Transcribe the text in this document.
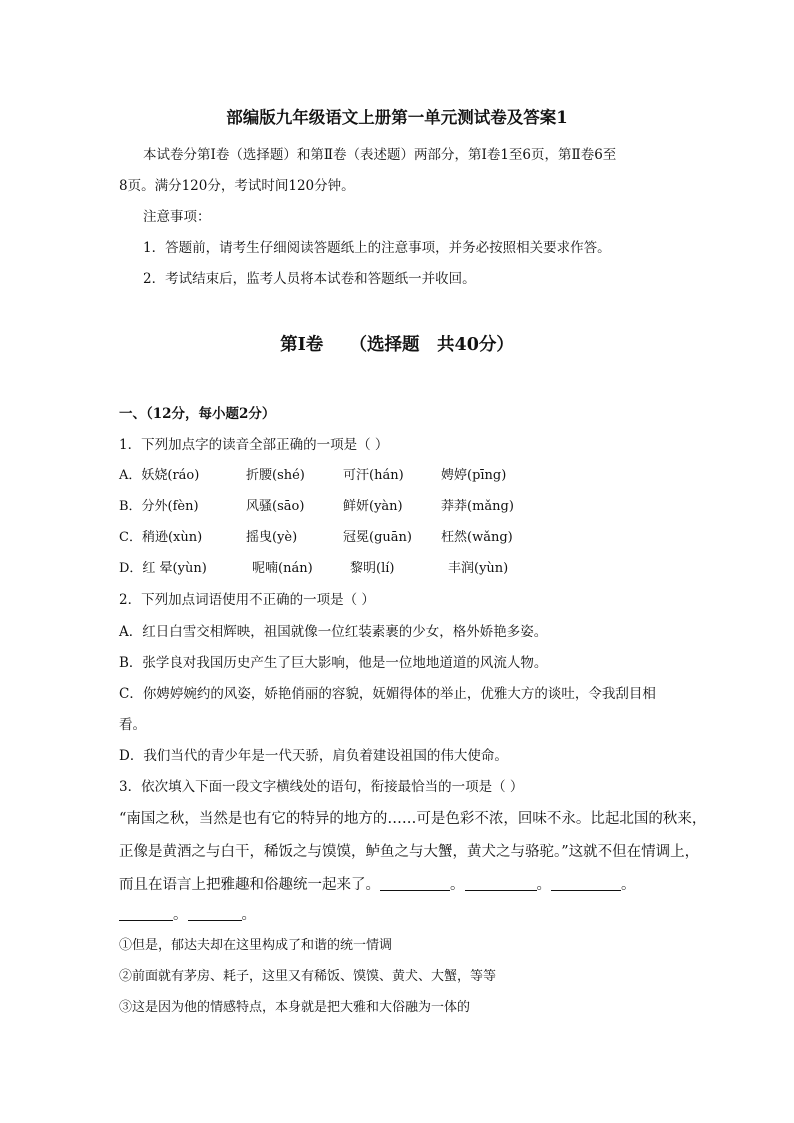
部编版九年级语文上册第一单元测试卷及答案1
本试卷分第Ⅰ卷（选择题）和第Ⅱ卷（表述题）两部分，第Ⅰ卷1至6页，第Ⅱ卷6至
8页。满分120分，考试时间120分钟。
注意事项：
1．答题前，请考生仔细阅读答题纸上的注意事项，并务必按照相关要求作答。
2．考试结束后，监考人员将本试卷和答题纸一并收回。
第Ⅰ卷　　（选择题　共40分）
一、（12分，每小题2分）
1．下列加点字的读音全部正确的一项是（ ）
A．妖娆(ráo)	折腰(shé)	可汗(hán)	娉婷(pīng)
B．分外(fèn)	风骚(sāo)	鲜妍(yàn)	莽莽(mǎng)
C．稍逊(xùn)	摇曳(yè)	冠冕(guān) 枉然(wǎng)
D．红 晕(yùn)	呢喃(nán)	黎明(lí)	丰润(yùn)
2．下列加点词语使用不正确的一项是（ ）
A．红日白雪交相辉映，祖国就像一位红装素裹的少女，格外娇艳多姿。
B．张学良对我国历史产生了巨大影响，他是一位地地道道的风流人物。
C．你娉婷婉约的风姿，娇艳俏丽的容貌，妩媚得体的举止，优雅大方的谈吐，令我刮目相
看。
D．我们当代的青少年是一代天骄，肩负着建设祖国的伟大使命。
3．依次填入下面一段文字横线处的语句，衔接最恰当的一项是（ ）
“南国之秋，当然是也有它的特异的地方的……可是色彩不浓，回味不永。比起北国的秋来，
正像是黄酒之与白干，稀饭之与馍馍，鲈鱼之与大蟹，黄犬之与骆驼。”这就不但在情调上，
而且在语言上把雅趣和俗趣统一起来了。	。	。	。
。	。
①但是，郁达夫却在这里构成了和谐的统一情调
②前面就有茅房、耗子，这里又有稀饭、馍馍、黄犬、大蟹，等等
③这是因为他的情感特点，本身就是把大雅和大俗融为一体的
